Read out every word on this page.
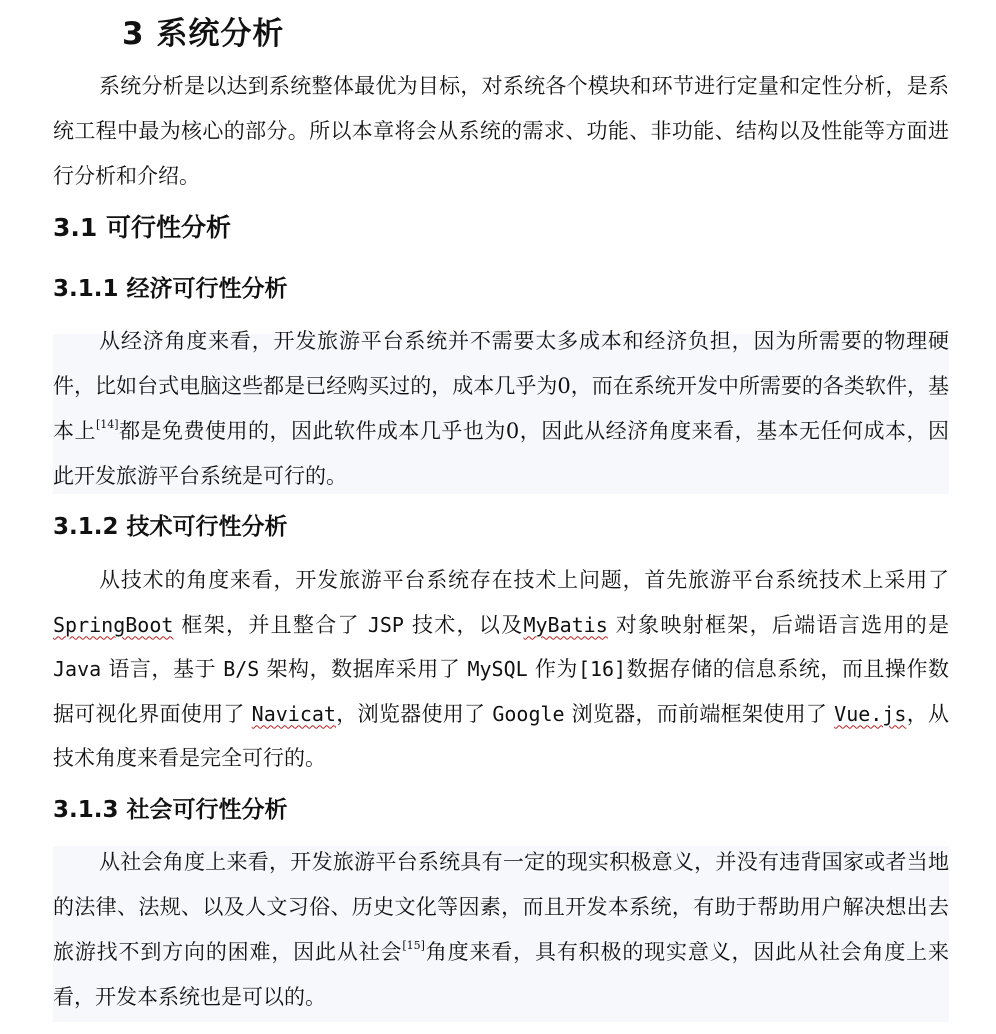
3 系统分析

系统分析是以达到系统整体最优为目标，对系统各个模块和环节进行定量和定性分析，是系统工程中最为核心的部分。所以本章将会从系统的需求、功能、非功能、结构以及性能等方面进行分析和介绍。

3.1 可行性分析
3.1.1 经济可行性分析

从经济角度来看，开发旅游平台系统并不需要太多成本和经济负担，因为所需要的物理硬件，比如台式电脑这些都是已经购买过的，成本几乎为0，而在系统开发中所需要的各类软件，基本上[14]都是免费使用的，因此软件成本几乎也为0，因此从经济角度来看，基本无任何成本，因此开发旅游平台系统是可行的。

3.1.2 技术可行性分析

从技术的角度来看，开发旅游平台系统存在技术上问题，首先旅游平台系统技术上采用了 SpringBoot 框架，并且整合了 JSP 技术，以及MyBatis 对象映射框架，后端语言选用的是 Java 语言，基于 B/S 架构，数据库采用了 MySQL 作为[16]数据存储的信息系统，而且操作数据可视化界面使用了 Navicat，浏览器使用了 Google 浏览器，而前端框架使用了 Vue.js，从技术角度来看是完全可行的。

3.1.3 社会可行性分析

从社会角度上来看，开发旅游平台系统具有一定的现实积极意义，并没有违背国家或者当地的法律、法规、以及人文习俗、历史文化等因素，而且开发本系统，有助于帮助用户解决想出去旅游找不到方向的困难，因此从社会[15]角度来看，具有积极的现实意义，因此从社会角度上来看，开发本系统也是可以的。
